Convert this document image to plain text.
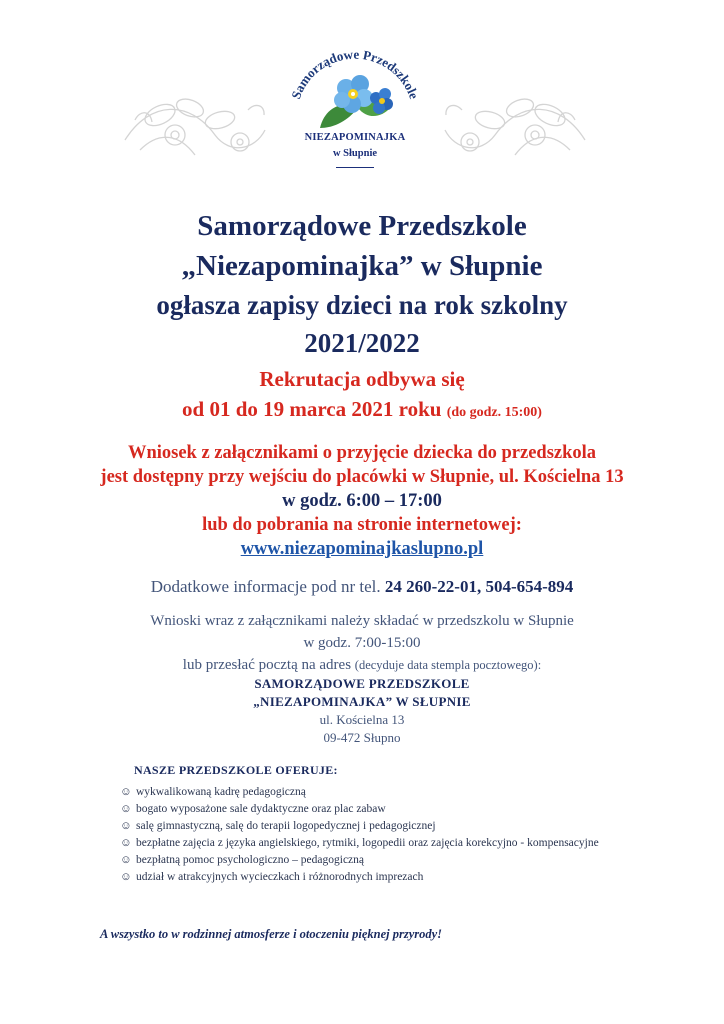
Samorządowe Przedszkole
NIEZAPOMINAJKA
w Słupnie
Samorządowe Przedszkole
„Niezapominajka” w Słupnie
ogłasza zapisy dzieci na rok szkolny
2021/2022
Rekrutacja odbywa się
od 01 do 19 marca 2021 roku (do godz. 15:00)
Wniosek z załącznikami o przyjęcie dziecka do przedszkola
jest dostępny przy wejściu do placówki w Słupnie, ul. Kościelna 13
w godz. 6:00 – 17:00
lub do pobrania na stronie internetowej:
www.niezapominajkaslupno.pl
Dodatkowe informacje pod nr tel. 24 260-22-01, 504-654-894
Wnioski wraz z załącznikami należy składać w przedszkolu w Słupnie
w godz. 7:00-15:00
lub przesłać pocztą na adres (decyduje data stempla pocztowego):
SAMORZĄDOWE PRZEDSZKOLE
„NIEZAPOMINAJKA” W SŁUPNIE
ul. Kościelna 13
09-472 Słupno
NASZE PRZEDSZKOLE OFERUJE:

☺ wykwalikowaną kadrę pedagogiczną

☺ bogato wyposażone sale dydaktyczne oraz plac zabaw

☺ salę gimnastyczną, salę do terapii logopedycznej i pedagogicznej

☺ bezpłatne zajęcia z języka angielskiego, rytmiki, logopedii oraz zajęcia korekcyjno - kompensacyjne

☺ bezpłatną pomoc psychologiczno – pedagogiczną

☺ udział w atrakcyjnych wycieczkach i różnorodnych imprezach

A wszystko to w rodzinnej atmosferze i otoczeniu pięknej przyrody!
